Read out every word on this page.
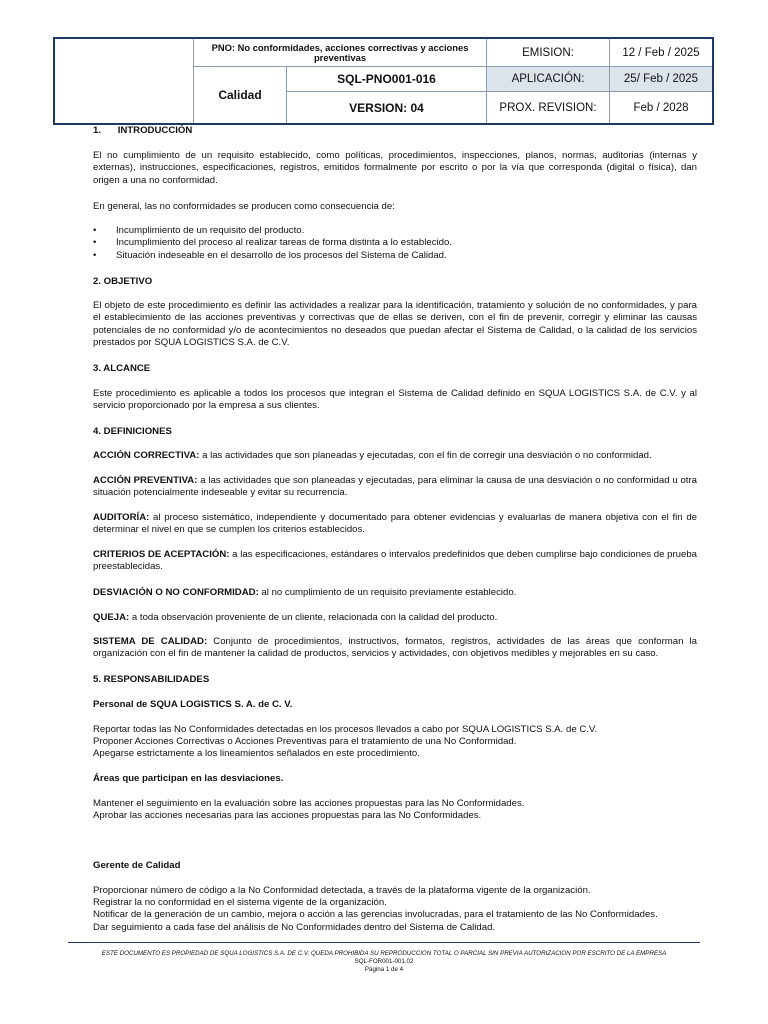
PNO: No conformidades, acciones correctivas y acciones preventivas
Calidad
SQL-PNO001-016
VERSION: 04
EMISION:
APLICACIÓN:
PROX. REVISION:
12 / Feb / 2025
25/ Feb / 2025
Feb / 2028

1. INTRODUCCIÓN

El no cumplimiento de un requisito establecido, como políticas, procedimientos, inspecciones, planos, normas, auditorias (internas y externas), instrucciones, especificaciones, registros, emitidos formalmente por escrito o por la vía que corresponda (digital o física), dan origen a una no conformidad.

En general, las no conformidades se producen como consecuencia de:

• Incumplimiento de un requisito del producto.
• Incumplimiento del proceso al realizar tareas de forma distinta a lo establecido.
• Situación indeseable en el desarrollo de los procesos del Sistema de Calidad.

2. OBJETIVO

El objeto de este procedimiento es definir las actividades a realizar para la identificación, tratamiento y solución de no conformidades, y para el establecimiento de las acciones preventivas y correctivas que de ellas se deriven, con el fin de prevenir, corregir y eliminar las causas potenciales de no conformidad y/o de acontecimientos no deseados que puedan afectar el Sistema de Calidad, o la calidad de los servicios prestados por SQUA LOGISTICS S.A. de C.V.

3. ALCANCE

Este procedimiento es aplicable a todos los procesos que integran el Sistema de Calidad definido en SQUA LOGISTICS S.A. de C.V. y al servicio proporcionado por la empresa a sus clientes.

4. DEFINICIONES

ACCIÓN CORRECTIVA: a las actividades que son planeadas y ejecutadas, con el fin de corregir una desviación o no conformidad.

ACCIÓN PREVENTIVA: a las actividades que son planeadas y ejecutadas, para eliminar la causa de una desviación o no conformidad u otra situación potencialmente indeseable y evitar su recurrencia.

AUDITORÍA: al proceso sistemático, independiente y documentado para obtener evidencias y evaluarlas de manera objetiva con el fin de determinar el nivel en que se cumplen los criterios establecidos.

CRITERIOS DE ACEPTACIÓN: a las especificaciones, estándares o intervalos predefinidos que deben cumplirse bajo condiciones de prueba preestablecidas.

DESVIACIÓN O NO CONFORMIDAD: al no cumplimiento de un requisito previamente establecido.

QUEJA: a toda observación proveniente de un cliente, relacionada con la calidad del producto.

SISTEMA DE CALIDAD: Conjunto de procedimientos, instructivos, formatos, registros, actividades de las áreas que conforman la organización con el fin de mantener la calidad de productos, servicios y actividades, con objetivos medibles y mejorables en su caso.

5. RESPONSABILIDADES

Personal de SQUA LOGISTICS S. A. de C. V.

Reportar todas las No Conformidades detectadas en los procesos llevados a cabo por SQUA LOGISTICS S.A. de C.V.

Proponer Acciones Correctivas o Acciones Preventivas para el tratamiento de una No Conformidad.

Apegarse estrictamente a los lineamientos señalados en este procedimiento.

Áreas que participan en las desviaciones.

Mantener el seguimiento en la evaluación sobre las acciones propuestas para las No Conformidades.

Aprobar las acciones necesarias para las acciones propuestas para las No Conformidades.

Gerente de Calidad

Proporcionar número de código a la No Conformidad detectada, a través de la plataforma vigente de la organización.

Registrar la no conformidad en el sistema vigente de la organización.

Notificar de la generación de un cambio, mejora o acción a las gerencias involucradas, para el tratamiento de las No Conformidades.

Dar seguimiento a cada fase del análisis de No Conformidades dentro del Sistema de Calidad.

ESTE DOCUMENTO ES PROPIEDAD DE SQUA LOGISTICS S.A. DE C.V. QUEDA PROHIBIDA SU REPRODUCCION TOTAL O PARCIAL SIN PREVIA AUTORIZACION POR ESCRITO DE LA EMPRESA
SQL-FOR001-001.02
Página 1 de 4
